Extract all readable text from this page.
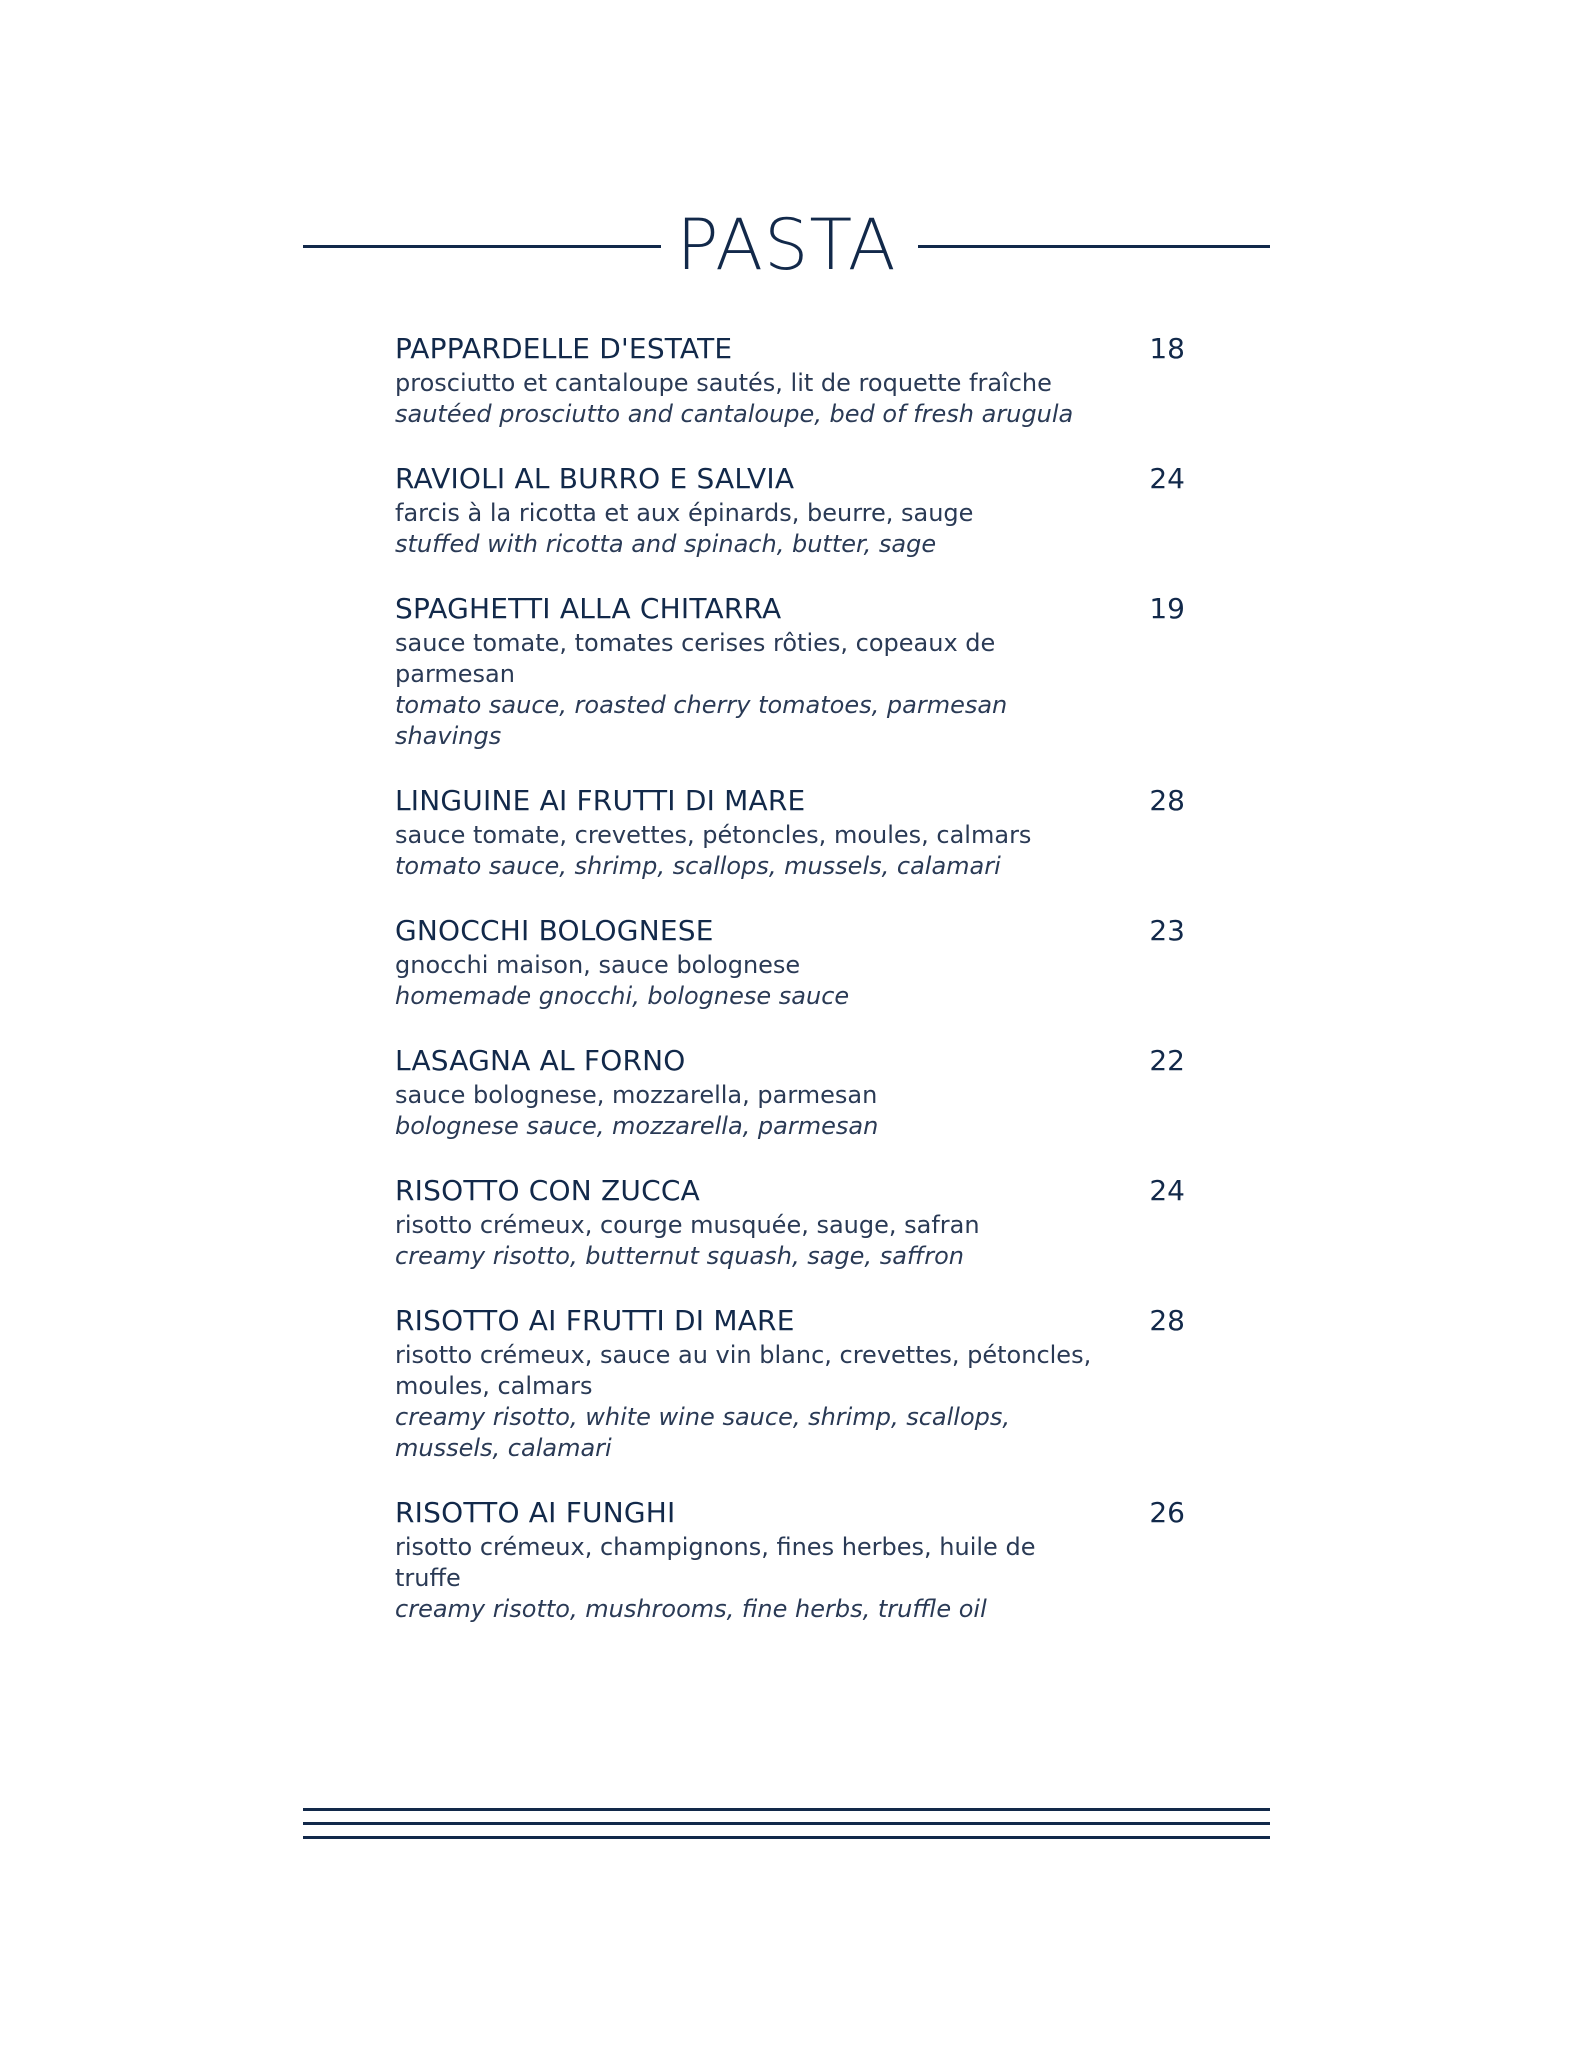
PASTA
PAPPARDELLE D'ESTATE	18
prosciutto et cantaloupe sautés, lit de roquette fraîche
sautéed prosciutto and cantaloupe, bed of fresh arugula
RAVIOLI AL BURRO E SALVIA	24
farcis à la ricotta et aux épinards, beurre, sauge
stuffed with ricotta and spinach, butter, sage
SPAGHETTI ALLA CHITARRA	19
sauce tomate, tomates cerises rôties, copeaux de parmesan
tomato sauce, roasted cherry tomatoes, parmesan shavings
LINGUINE AI FRUTTI DI MARE	28
sauce tomate, crevettes, pétoncles, moules, calmars
tomato sauce, shrimp, scallops, mussels, calamari
GNOCCHI BOLOGNESE	23
gnocchi maison, sauce bolognese
homemade gnocchi, bolognese sauce
LASAGNA AL FORNO	22
sauce bolognese, mozzarella, parmesan
bolognese sauce, mozzarella, parmesan
RISOTTO CON ZUCCA	24
risotto crémeux, courge musquée, sauge, safran
creamy risotto, butternut squash, sage, saffron
RISOTTO AI FRUTTI DI MARE	28
risotto crémeux, sauce au vin blanc, crevettes, pétoncles, moules, calmars
creamy risotto, white wine sauce, shrimp, scallops, mussels, calamari
RISOTTO AI FUNGHI	26
risotto crémeux, champignons, fines herbes, huile de truffe
creamy risotto, mushrooms, fine herbs, truffle oil
